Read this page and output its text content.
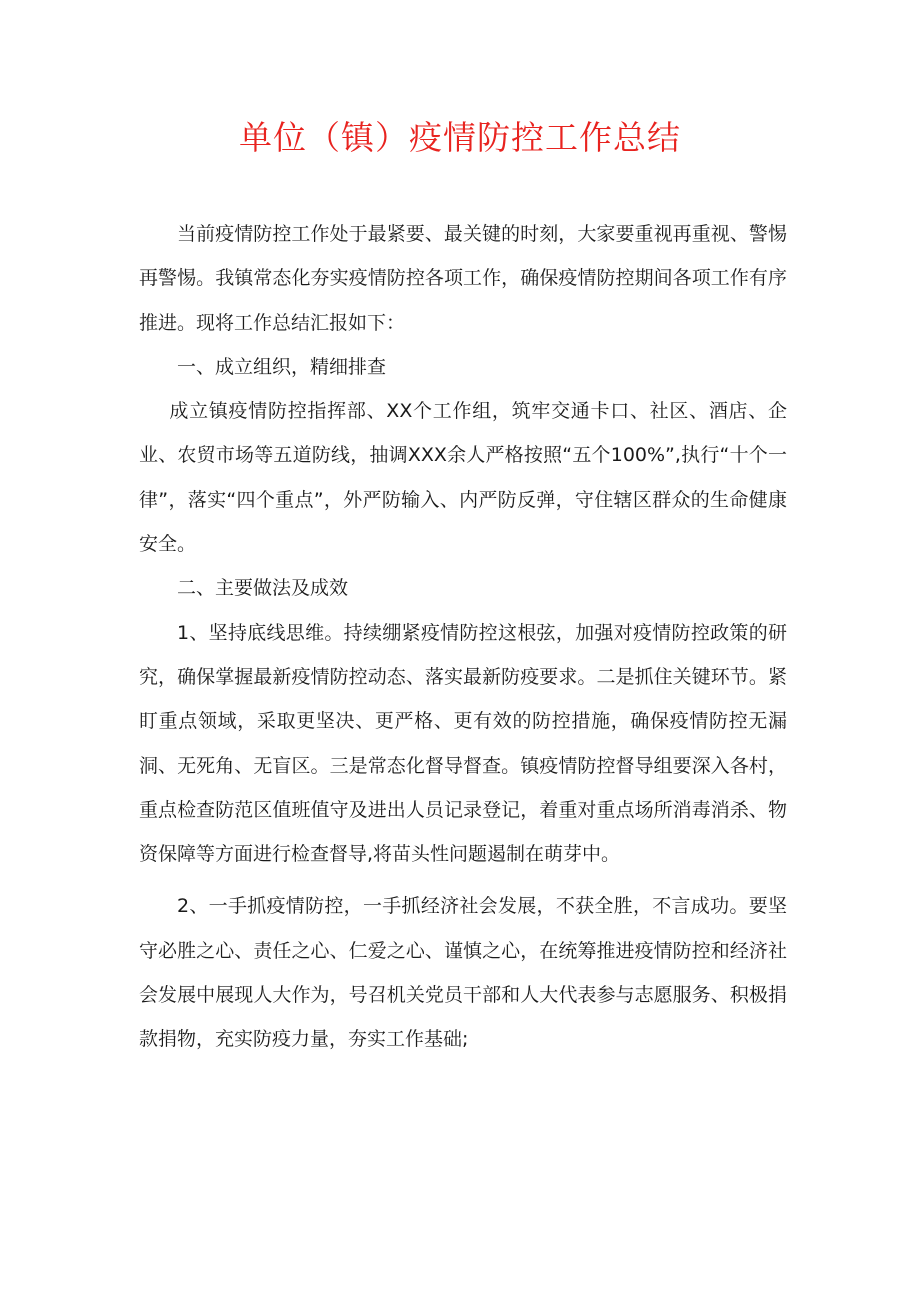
单位（镇）疫情防控工作总结

当前疫情防控工作处于最紧要、最关键的时刻，大家要重视再重视、警惕再警惕。我镇常态化夯实疫情防控各项工作，确保疫情防控期间各项工作有序推进。现将工作总结汇报如下：

一、成立组织，精细排查

成立镇疫情防控指挥部、XX个工作组，筑牢交通卡口、社区、酒店、企业、农贸市场等五道防线，抽调XXX余人严格按照“五个100%”,执行“十个一律”，落实“四个重点”，外严防输入、内严防反弹，守住辖区群众的生命健康安全。

二、主要做法及成效

1、坚持底线思维。持续绷紧疫情防控这根弦，加强对疫情防控政策的研究，确保掌握最新疫情防控动态、落实最新防疫要求。二是抓住关键环节。紧盯重点领域，采取更坚决、更严格、更有效的防控措施，确保疫情防控无漏洞、无死角、无盲区。三是常态化督导督查。镇疫情防控督导组要深入各村，重点检查防范区值班值守及进出人员记录登记，着重对重点场所消毒消杀、物资保障等方面进行检查督导,将苗头性问题遏制在萌芽中。

2、一手抓疫情防控，一手抓经济社会发展，不获全胜，不言成功。要坚守必胜之心、责任之心、仁爱之心、谨慎之心，在统筹推进疫情防控和经济社会发展中展现人大作为，号召机关党员干部和人大代表参与志愿服务、积极捐款捐物，充实防疫力量，夯实工作基础;
